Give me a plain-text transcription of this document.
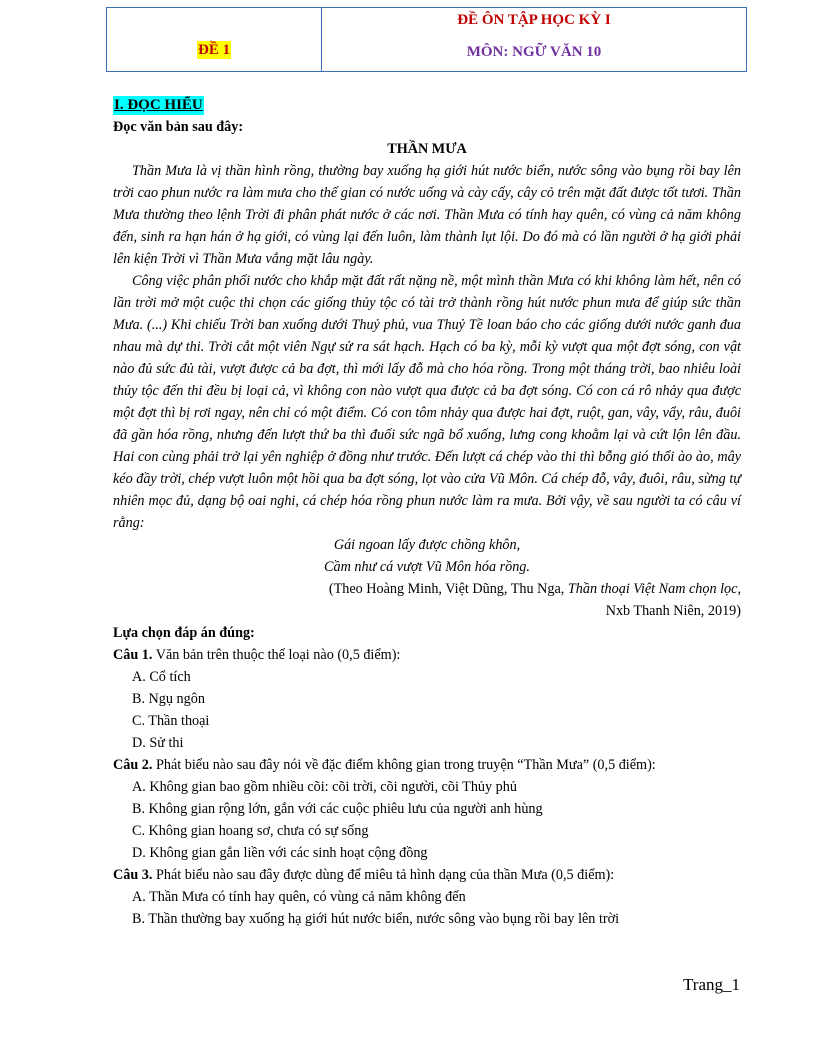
ĐỀ 1
ĐỀ ÔN TẬP HỌC KỲ I
MÔN: NGỮ VĂN 10
I. ĐỌC HIỂU

Đọc văn bản sau đây:

THẦN MƯA

Thần Mưa là vị thần hình rồng, thường bay xuống hạ giới hút nước biển, nước sông vào bụng rồi bay lên trời cao phun nước ra làm mưa cho thế gian có nước uống và cày cấy, cây cỏ trên mặt đất được tốt tươi. Thần Mưa thường theo lệnh Trời đi phân phát nước ở các nơi. Thần Mưa có tính hay quên, có vùng cả năm không đến, sinh ra hạn hán ở hạ giới, có vùng lại đến luôn, làm thành lụt lội. Do đó mà có lần người ở hạ giới phải lên kiện Trời vì Thần Mưa vắng mặt lâu ngày.

Công việc phân phối nước cho khắp mặt đất rất nặng nề, một mình thần Mưa có khi không làm hết, nên có lần trời mở một cuộc thi chọn các giống thủy tộc có tài trở thành rồng hút nước phun mưa để giúp sức thần Mưa. (...) Khi chiếu Trời ban xuống dưới Thuỷ phủ, vua Thuỷ Tề loan báo cho các giống dưới nước ganh đua nhau mà dự thi. Trời cắt một viên Ngự sử ra sát hạch. Hạch có ba kỳ, mỗi kỳ vượt qua một đợt sóng, con vật nào đủ sức đủ tài, vượt được cả ba đợt, thì mới lấy đỗ mà cho hóa rồng. Trong một tháng trời, bao nhiêu loài thủy tộc đến thi đều bị loại cả, vì không con nào vượt qua được cả ba đợt sóng. Có con cá rô nhảy qua được một đợt thì bị rơi ngay, nên chỉ có một điểm. Có con tôm nhảy qua được hai đợt, ruột, gan, vây, vẩy, râu, đuôi đã gần hóa rồng, nhưng đến lượt thứ ba thì đuối sức ngã bổ xuống, lưng cong khoằm lại và cứt lộn lên đầu. Hai con cùng phải trở lại yên nghiệp ở đồng như trước. Đến lượt cá chép vào thi thì bỗng gió thổi ào ào, mây kéo đầy trời, chép vượt luôn một hồi qua ba đợt sóng, lọt vào cửa Vũ Môn. Cá chép đỗ, vây, đuôi, râu, sừng tự nhiên mọc đủ, dạng bộ oai nghi, cá chép hóa rồng phun nước làm ra mưa. Bởi vậy, về sau người ta có câu ví rằng:

Gái ngoan lấy được chồng khôn,

Cầm như cá vượt Vũ Môn hóa rồng.

(Theo Hoàng Minh, Việt Dũng, Thu Nga, Thần thoại Việt Nam chọn lọc,

Nxb Thanh Niên, 2019)

Lựa chọn đáp án đúng:

Câu 1. Văn bản trên thuộc thể loại nào (0,5 điểm):

A. Cổ tích

B. Ngụ ngôn

C. Thần thoại

D. Sử thi

Câu 2. Phát biểu nào sau đây nói về đặc điểm không gian trong truyện “Thần Mưa” (0,5 điểm):

A. Không gian bao gồm nhiều cõi: cõi trời, cõi người, cõi Thủy phủ

B. Không gian rộng lớn, gắn với các cuộc phiêu lưu của người anh hùng

C. Không gian hoang sơ, chưa có sự sống

D. Không gian gắn liền với các sinh hoạt cộng đồng

Câu 3. Phát biểu nào sau đây được dùng để miêu tả hình dạng của thần Mưa (0,5 điểm):

A. Thần Mưa có tính hay quên, có vùng cả năm không đến

B. Thần thường bay xuống hạ giới hút nước biển, nước sông vào bụng rồi bay lên trời

Trang_1
